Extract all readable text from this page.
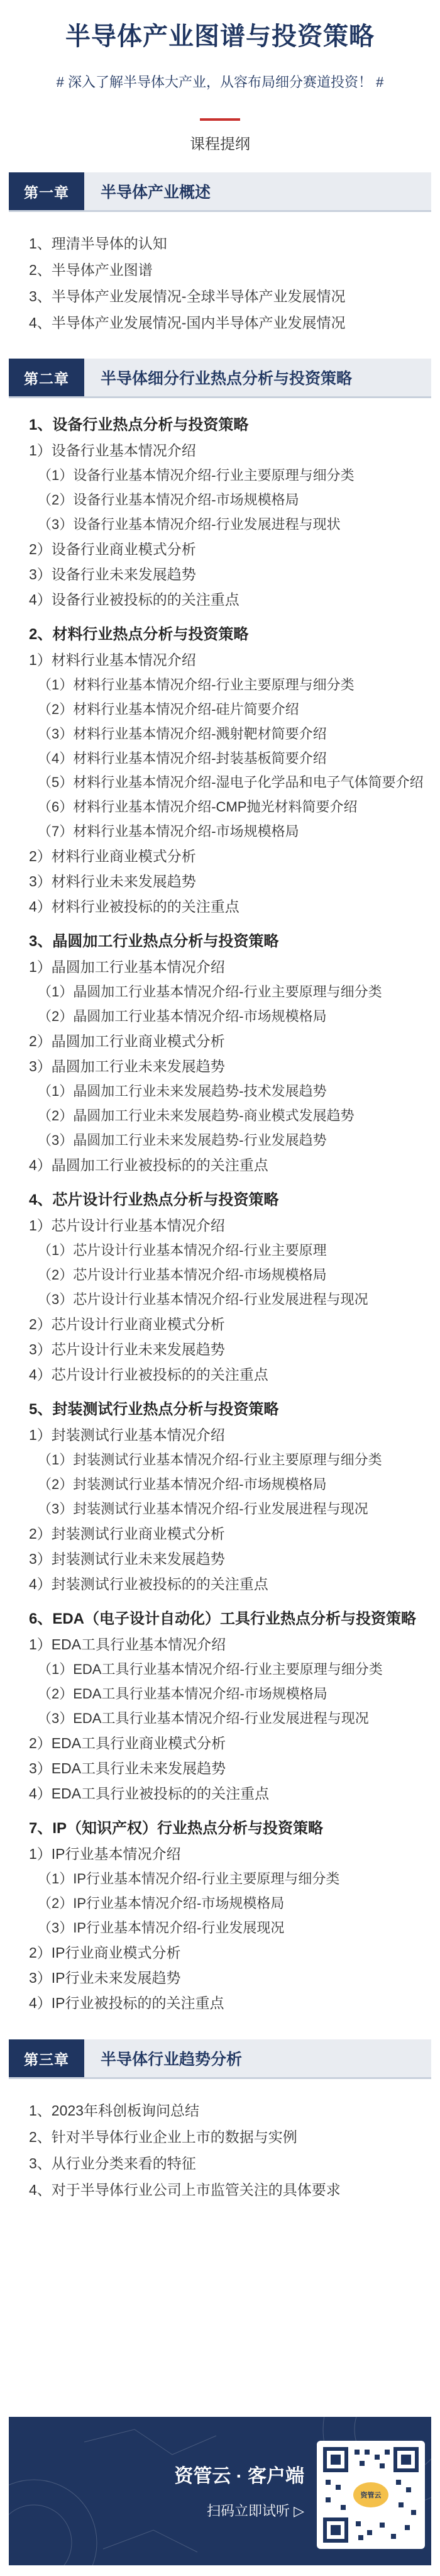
半导体产业图谱与投资策略
# 深入了解半导体大产业，从容布局细分赛道投资！ #
课程提纲
第一章	半导体产业概述
1、理清半导体的认知
2、半导体产业图谱
3、半导体产业发展情况-全球半导体产业发展情况
4、半导体产业发展情况-国内半导体产业发展情况
第二章	半导体细分行业热点分析与投资策略
1、设备行业热点分析与投资策略
1）设备行业基本情况介绍
（1）设备行业基本情况介绍-行业主要原理与细分类
（2）设备行业基本情况介绍-市场规模格局
（3）设备行业基本情况介绍-行业发展进程与现状
2）设备行业商业模式分析
3）设备行业未来发展趋势
4）设备行业被投标的的关注重点
2、材料行业热点分析与投资策略
1）材料行业基本情况介绍
（1）材料行业基本情况介绍-行业主要原理与细分类
（2）材料行业基本情况介绍-硅片简要介绍
（3）材料行业基本情况介绍-溅射靶材简要介绍
（4）材料行业基本情况介绍-封装基板简要介绍
（5）材料行业基本情况介绍-湿电子化学品和电子气体简要介绍
（6）材料行业基本情况介绍-CMP抛光材料简要介绍
（7）材料行业基本情况介绍-市场规模格局
2）材料行业商业模式分析
3）材料行业未来发展趋势
4）材料行业被投标的的关注重点
3、晶圆加工行业热点分析与投资策略
1）晶圆加工行业基本情况介绍
（1）晶圆加工行业基本情况介绍-行业主要原理与细分类
（2）晶圆加工行业基本情况介绍-市场规模格局
2）晶圆加工行业商业模式分析
3）晶圆加工行业未来发展趋势
（1）晶圆加工行业未来发展趋势-技术发展趋势
（2）晶圆加工行业未来发展趋势-商业模式发展趋势
（3）晶圆加工行业未来发展趋势-行业发展趋势
4）晶圆加工行业被投标的的关注重点
4、芯片设计行业热点分析与投资策略
1）芯片设计行业基本情况介绍
（1）芯片设计行业基本情况介绍-行业主要原理
（2）芯片设计行业基本情况介绍-市场规模格局
（3）芯片设计行业基本情况介绍-行业发展进程与现况
2）芯片设计行业商业模式分析
3）芯片设计行业未来发展趋势
4）芯片设计行业被投标的的关注重点
5、封装测试行业热点分析与投资策略
1）封装测试行业基本情况介绍
（1）封装测试行业基本情况介绍-行业主要原理与细分类
（2）封装测试行业基本情况介绍-市场规模格局
（3）封装测试行业基本情况介绍-行业发展进程与现况
2）封装测试行业商业模式分析
3）封装测试行业未来发展趋势
4）封装测试行业被投标的的关注重点
6、EDA（电子设计自动化）工具行业热点分析与投资策略
1）EDA工具行业基本情况介绍
（1）EDA工具行业基本情况介绍-行业主要原理与细分类
（2）EDA工具行业基本情况介绍-市场规模格局
（3）EDA工具行业基本情况介绍-行业发展进程与现况
2）EDA工具行业商业模式分析
3）EDA工具行业未来发展趋势
4）EDA工具行业被投标的的关注重点
7、IP（知识产权）行业热点分析与投资策略
1）IP行业基本情况介绍
（1）IP行业基本情况介绍-行业主要原理与细分类
（2）IP行业基本情况介绍-市场规模格局
（3）IP行业基本情况介绍-行业发展现况
2）IP行业商业模式分析
3）IP行业未来发展趋势
4）IP行业被投标的的关注重点
第三章	半导体行业趋势分析
1、2023年科创板询问总结
2、针对半导体行业企业上市的数据与实例
3、从行业分类来看的特征
4、对于半导体行业公司上市监管关注的具体要求
资管云 · 客户端
扫码立即试听 ▷
资管云
